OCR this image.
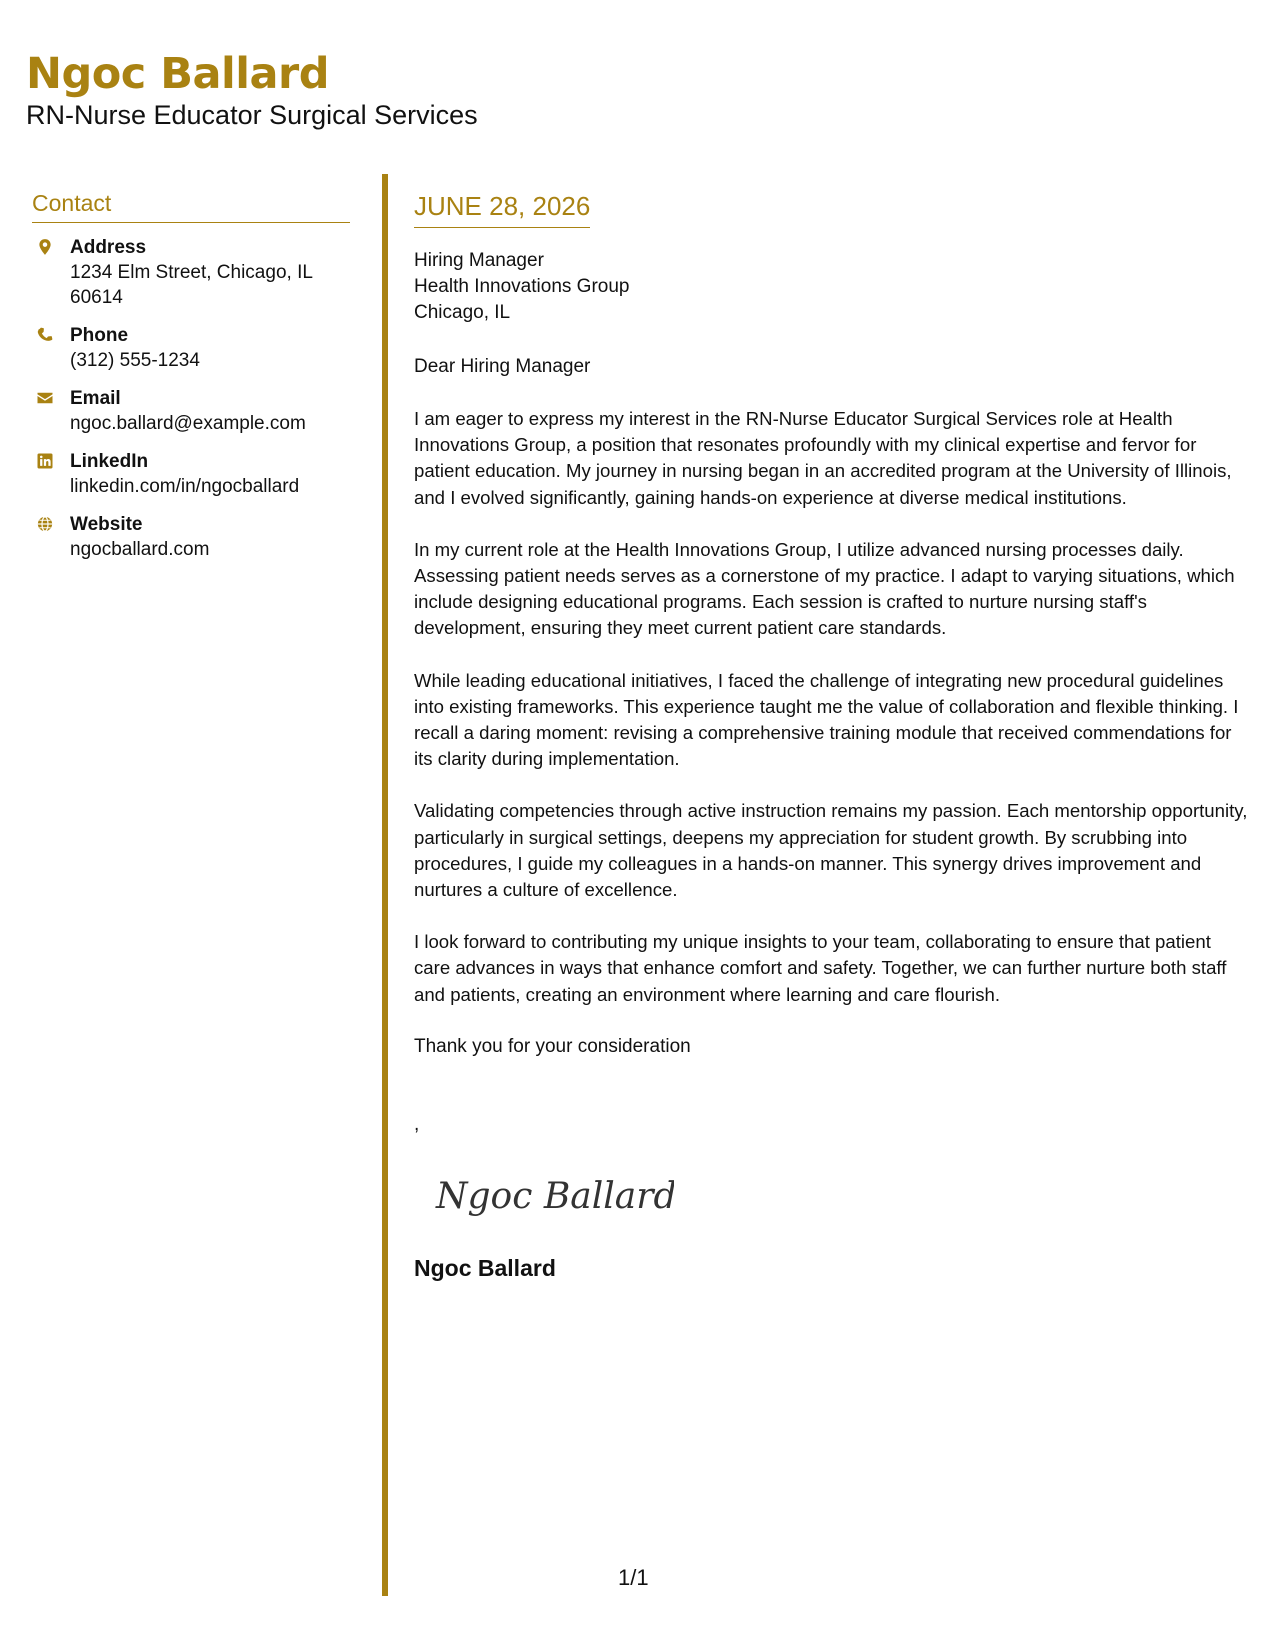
Ngoc Ballard
RN-Nurse Educator Surgical Services
Contact
Address
1234 Elm Street, Chicago, IL 60614
Phone
(312) 555-1234
Email
ngoc.ballard@example.com
LinkedIn
linkedin.com/in/ngocballard
Website
ngocballard.com
JUNE 28, 2026
Hiring Manager
Health Innovations Group
Chicago, IL
Dear Hiring Manager

I am eager to express my interest in the RN-Nurse Educator Surgical Services role at Health Innovations Group, a position that resonates profoundly with my clinical expertise and fervor for patient education. My journey in nursing began in an accredited program at the University of Illinois, and I evolved significantly, gaining hands-on experience at diverse medical institutions.

In my current role at the Health Innovations Group, I utilize advanced nursing processes daily. Assessing patient needs serves as a cornerstone of my practice. I adapt to varying situations, which include designing educational programs. Each session is crafted to nurture nursing staff's development, ensuring they meet current patient care standards.

While leading educational initiatives, I faced the challenge of integrating new procedural guidelines into existing frameworks. This experience taught me the value of collaboration and flexible thinking. I recall a daring moment: revising a comprehensive training module that received commendations for its clarity during implementation.

Validating competencies through active instruction remains my passion. Each mentorship opportunity, particularly in surgical settings, deepens my appreciation for student growth. By scrubbing into procedures, I guide my colleagues in a hands-on manner. This synergy drives improvement and nurtures a culture of excellence.

I look forward to contributing my unique insights to your team, collaborating to ensure that patient care advances in ways that enhance comfort and safety. Together, we can further nurture both staff and patients, creating an environment where learning and care flourish.

Thank you for your consideration
,
Ngoc Ballard
Ngoc Ballard
1/1
